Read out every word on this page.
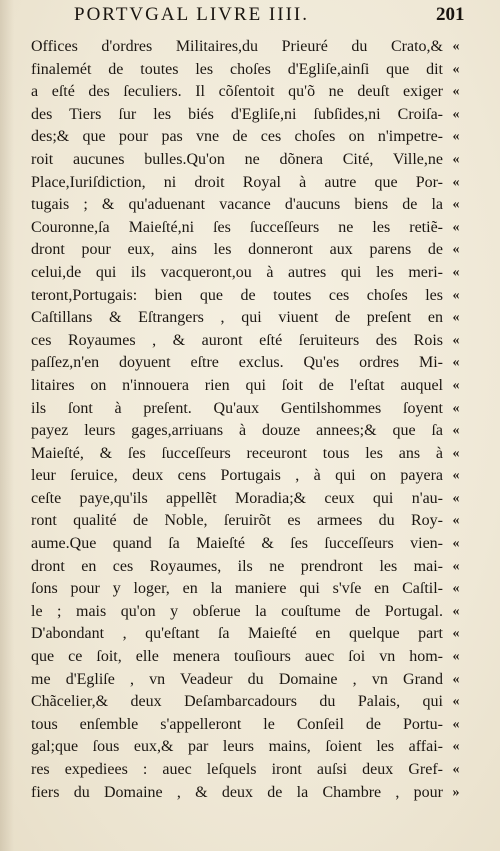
PORTVGAL LIVRE IIII.	201
Offices d'ordres Militaires,du Prieuré du Crato,&
finalemét de toutes les choſes d'Egliſe,ainſi que dit
a eſté des ſeculiers. Il cõſentoit qu'õ ne deuſt exiger
des Tiers ſur les biés d'Egliſe,ni ſubſides,ni Croiſa-
des;& que pour pas vne de ces choſes on n'impetre-
roit aucunes bulles.Qu'on ne dõnera Cité, Ville,ne
Place,Iuriſdiction, ni droit Royal à autre que Por-
tugais ; & qu'aduenant vacance d'aucuns biens de la
Couronne,ſa Maieſté,ni ſes ſucceſſeurs ne les retiẽ-
dront pour eux, ains les donneront aux parens de
celui,de qui ils vacqueront,ou à autres qui les meri-
teront,Portugais: bien que de toutes ces choſes les
Caſtillans & Eſtrangers , qui viuent de preſent en
ces Royaumes , & auront eſté ſeruiteurs des Rois
paſſez,n'en doyuent eſtre exclus. Qu'es ordres Mi-
litaires on n'innouera rien qui ſoit de l'eſtat auquel
ils ſont à preſent. Qu'aux Gentilshommes ſoyent
payez leurs gages,arriuans à douze annees;& que ſa
Maieſté, & ſes ſucceſſeurs receuront tous les ans à
leur ſeruice, deux cens Portugais , à qui on payera
ceſte paye,qu'ils appellẽt Moradia;& ceux qui n'au-
ront qualité de Noble, ſeruirõt es armees du Roy-
aume.Que quand ſa Maieſté & ſes ſucceſſeurs vien-
dront en ces Royaumes, ils ne prendront les mai-
ſons pour y loger, en la maniere qui s'vſe en Caſtil-
le ; mais qu'on y obſerue la couſtume de Portugal.
D'abondant , qu'eſtant ſa Maieſté en quelque part
que ce ſoit, elle menera touſiours auec ſoi vn hom-
me d'Egliſe , vn Veadeur du Domaine , vn Grand
Chãcelier,& deux Deſambarcadours du Palais, qui
tous enſemble s'appelleront le Conſeil de Portu-
gal;que ſous eux,& par leurs mains, ſoient les affai-
res expediees : auec leſquels iront auſsi deux Gref-
fiers du Domaine , & deux de la Chambre , pour
«
«
«
«
«
«
«
«
«
«
«
«
«
«
«
«
«
«
«
«
«
«
«
«
«
«
«
«
«
«
«
«
«
»
